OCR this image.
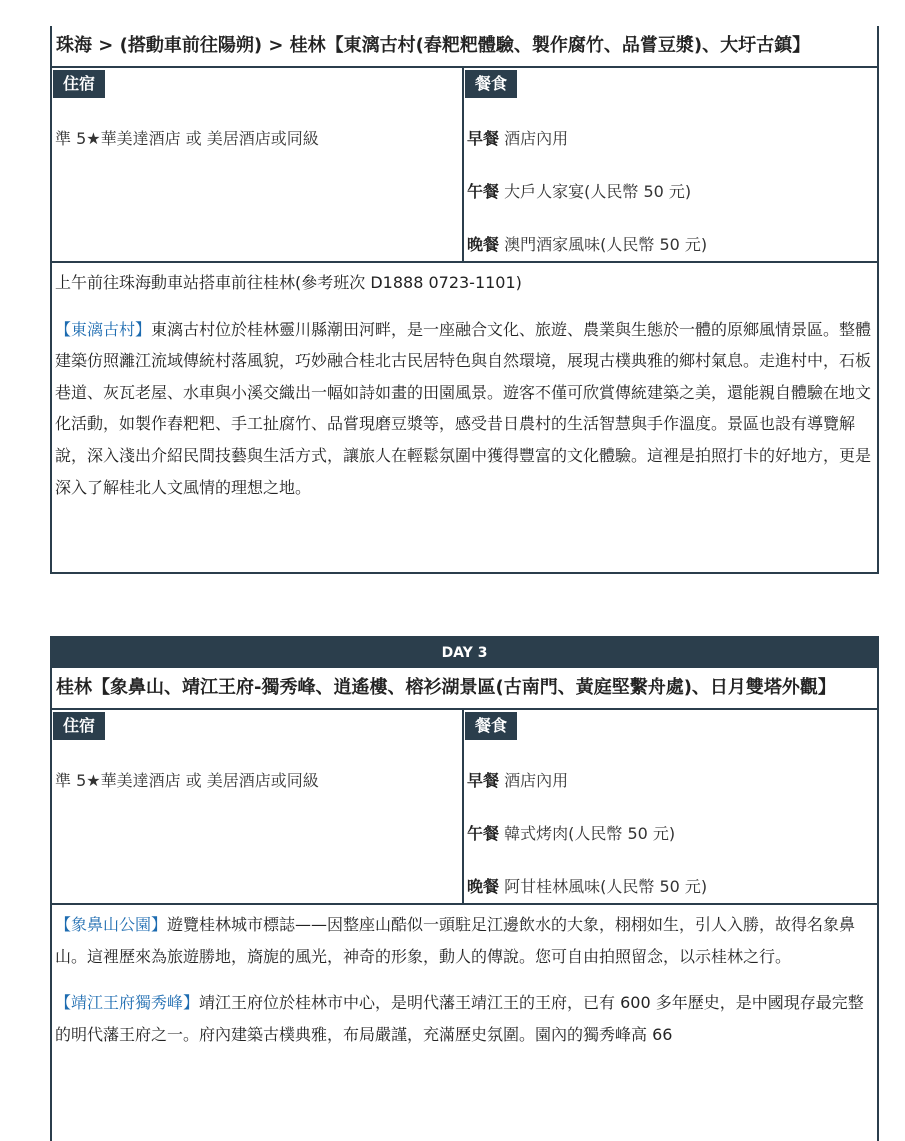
珠海 > (搭動車前往陽朔) > 桂林【東漓古村(舂粑粑體驗、製作腐竹、品嘗豆漿)、大圩古鎮】
住宿
準 5★華美達酒店 或 美居酒店或同級
餐食
早餐 酒店內用
午餐 大戶人家宴(人民幣 50 元)
晚餐 澳門酒家風味(人民幣 50 元)

上午前往珠海動車站搭車前往桂林(參考班次 D1888 0723-1101)

【東漓古村】東漓古村位於桂林靈川縣潮田河畔，是一座融合文化、旅遊、農業與生態於一體的原鄉風情景區。整體建築仿照灕江流域傳統村落風貌，巧妙融合桂北古民居特色與自然環境，展現古樸典雅的鄉村氣息。走進村中，石板巷道、灰瓦老屋、水車與小溪交織出一幅如詩如畫的田園風景。遊客不僅可欣賞傳統建築之美，還能親自體驗在地文化活動，如製作舂粑粑、手工扯腐竹、品嘗現磨豆漿等，感受昔日農村的生活智慧與手作溫度。景區也設有導覽解說，深入淺出介紹民間技藝與生活方式，讓旅人在輕鬆氛圍中獲得豐富的文化體驗。這裡是拍照打卡的好地方，更是深入了解桂北人文風情的理想之地。

DAY 3
桂林【象鼻山、靖江王府-獨秀峰、逍遙樓、榕衫湖景區(古南門、黃庭堅繫舟處)、日月雙塔外觀】
住宿
準 5★華美達酒店 或 美居酒店或同級
餐食
早餐 酒店內用
午餐 韓式烤肉(人民幣 50 元)
晚餐 阿甘桂林風味(人民幣 50 元)

【象鼻山公園】遊覽桂林城市標誌——因整座山酷似一頭駐足江邊飲水的大象，栩栩如生，引人入勝，故得名象鼻山。這裡歷來為旅遊勝地，旖旎的風光，神奇的形象，動人的傳說。您可自由拍照留念，以示桂林之行。

【靖江王府獨秀峰】靖江王府位於桂林市中心，是明代藩王靖江王的王府，已有 600 多年歷史，是中國現存最完整的明代藩王府之一。府內建築古樸典雅，布局嚴謹，充滿歷史氛圍。園內的獨秀峰高 66
